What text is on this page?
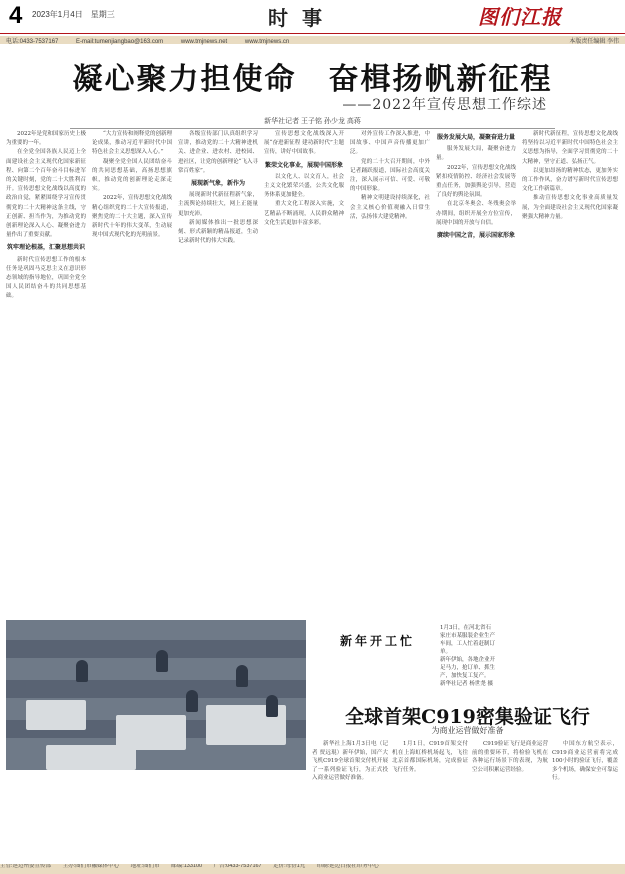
4 2023年1月4日　星期三	时事	图们江报
电话:0433-7537167	E-mail:tumenjiangbao@163.com	www.tmjnews.net	www.tmjnews.cn	本版责任编辑 李伟
凝心聚力担使命　奋楫扬帆新征程
——2022年宣传思想工作综述
新华社记者 王子铭 孙少龙 高蒋

2022年是党和国家历史上极为重要的一年。

在全党全国各族人民迈上全面建设社会主义现代化国家新征程、向第二个百年奋斗目标进军的关键时刻，党的二十大胜利召开。宣传思想文化战线以高度的政治自觉，紧紧围绕学习宣传贯彻党的二十大精神这条主线，守正创新、担当作为，为推动党的创新理论深入人心、凝聚奋进力量作出了重要贡献。

筑牢理论根基，汇聚思想共识

新时代宣传思想工作的根本任务是巩固马克思主义在意识形态领域的指导地位，巩固全党全国人民团结奋斗的共同思想基础。

“大力宣传和阐释党的创新理论成果，推动习近平新时代中国特色社会主义思想深入人心。”

凝聚全党全国人民团结奋斗的共同思想基础，高扬思想旗帜，推动党的创新理论走深走实。

2022年，宣传思想文化战线精心组织党的二十大宣传报道，聚焦党的二十大主题，深入宣传新时代十年的伟大变革，生动展现中国式现代化的光明前景。

各级宣传部门认真组织学习宣讲，推动党的二十大精神进机关、进企业、进农村、进校园、进社区，让党的创新理论“飞入寻常百姓家”。

展现新气象，新作为

展现新时代新征程新气象，主流舆论持续壮大，网上正能量更加充沛。

新闻媒体推出一批思想深刻、形式新颖的精品报道，生动记录新时代的伟大实践。

宣传思想文化战线深入开展“奋进新征程 建功新时代”主题宣传，讲好中国故事。

繁荣文化事业，展现中国形象

以文化人、以文育人，社会主义文化繁荣兴盛，公共文化服务体系更加健全。

重大文化工程深入实施，文艺精品不断涌现，人民群众精神文化生活更加丰富多彩。

对外宣传工作深入推进，中国故事、中国声音传播更加广泛。

党的二十大召开期间，中外记者踊跃报道，国际社会高度关注，深入展示可信、可爱、可敬的中国形象。

精神文明建设持续深化，社会主义核心价值观融入日常生活，弘扬伟大建党精神。

服务发展大局，凝聚奋进力量

服务发展大局，凝聚奋进力量。

2022年，宣传思想文化战线紧扣疫情防控、经济社会发展等重点任务，加强舆论引导，营造了良好的舆论氛围。

在北京冬奥会、冬残奥会举办期间，组织开展全方位宣传，展现中国的开放与自信。

赓续中国之音，展示国家形象

新时代新征程，宣传思想文化战线将坚持以习近平新时代中国特色社会主义思想为指导，全面学习贯彻党的二十大精神，坚守正道、弘扬正气。

以更加昂扬的精神状态，更加务实的工作作风，奋力谱写新时代宣传思想文化工作新篇章。

推动宣传思想文化事业高质量发展，为全面建设社会主义现代化国家凝聚强大精神力量。

新年开工忙

1月3日，在河北省石家庄市某服装企业生产车间，工人忙着赶制订单。

新年伊始，各地企业开足马力，抢订单、抓生产，加快复工复产。

新华社记者 杨世尧 摄

全球首架C919密集验证飞行
为商业运营做好准备

新华社上海1月3日电（记者 贾远琨）新年伊始，国产大飞机C919全球首架交付机开展了一系列验证飞行，为正式投入商业运营做好准备。

1月1日，C919首架交付机在上海虹桥机场起飞，飞往北京首都国际机场，完成验证飞行任务。

C919验证飞行是商业运营前的重要环节，将检验飞机在各种运行场景下的表现，为航空公司积累运营经验。

中国东方航空表示，C919商业运营前将完成100小时的验证飞行，覆盖多个机场，确保安全可靠运行。

主管:延边州委宣传部 主办:图们市融媒体中心 地址:图们市 邮编:133100 广告:0433-7537167 定价:每份1元 印刷:延边日报社印务中心
